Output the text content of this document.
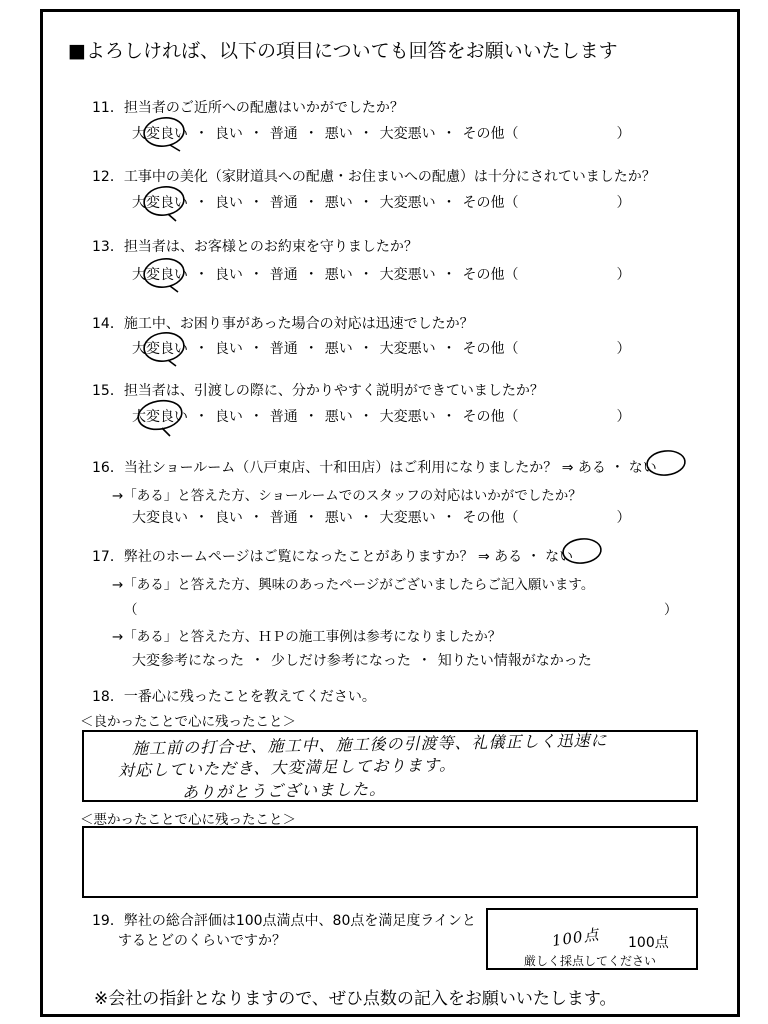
■よろしければ、以下の項目についても回答をお願いいたします
11．担当者のご近所への配慮はいかがでしたか？
大変良い ・ 良い ・ 普通 ・ 悪い ・ 大変悪い ・ その他（　　　　　　　）
12．工事中の美化（家財道具への配慮・お住まいへの配慮）は十分にされていましたか？
大変良い ・ 良い ・ 普通 ・ 悪い ・ 大変悪い ・ その他（　　　　　　　）
13．担当者は、お客様とのお約束を守りましたか？
大変良い ・ 良い ・ 普通 ・ 悪い ・ 大変悪い ・ その他（　　　　　　　）
14．施工中、お困り事があった場合の対応は迅速でしたか？
大変良い ・ 良い ・ 普通 ・ 悪い ・ 大変悪い ・ その他（　　　　　　　）
15．担当者は、引渡しの際に、分かりやすく説明ができていましたか？
大変良い ・ 良い ・ 普通 ・ 悪い ・ 大変悪い ・ その他（　　　　　　　）
16．当社ショールーム（八戸東店、十和田店）はご利用になりましたか？ ⇒ ある ・ ない
→「ある」と答えた方、ショールームでのスタッフの対応はいかがでしたか？
大変良い ・ 良い ・ 普通 ・ 悪い ・ 大変悪い ・ その他（　　　　　　　）
17．弊社のホームページはご覧になったことがありますか？ ⇒ ある ・ ない
→「ある」と答えた方、興味のあったページがございましたらご記入願います。
（	）
→「ある」と答えた方、ＨＰの施工事例は参考になりましたか？
大変参考になった ・ 少しだけ参考になった ・ 知りたい情報がなかった
18．一番心に残ったことを教えてください。
＜良かったことで心に残ったこと＞
施工前の打合せ、施工中、施工後の引渡等、礼儀正しく迅速に
対応していただき、大変満足しております。
ありがとうございました。
＜悪かったことで心に残ったこと＞
19．弊社の総合評価は100点満点中、80点を満足度ラインと
するとどのくらいですか？	100点 100点
厳しく採点してください
※会社の指針となりますので、ぜひ点数の記入をお願いいたします。
